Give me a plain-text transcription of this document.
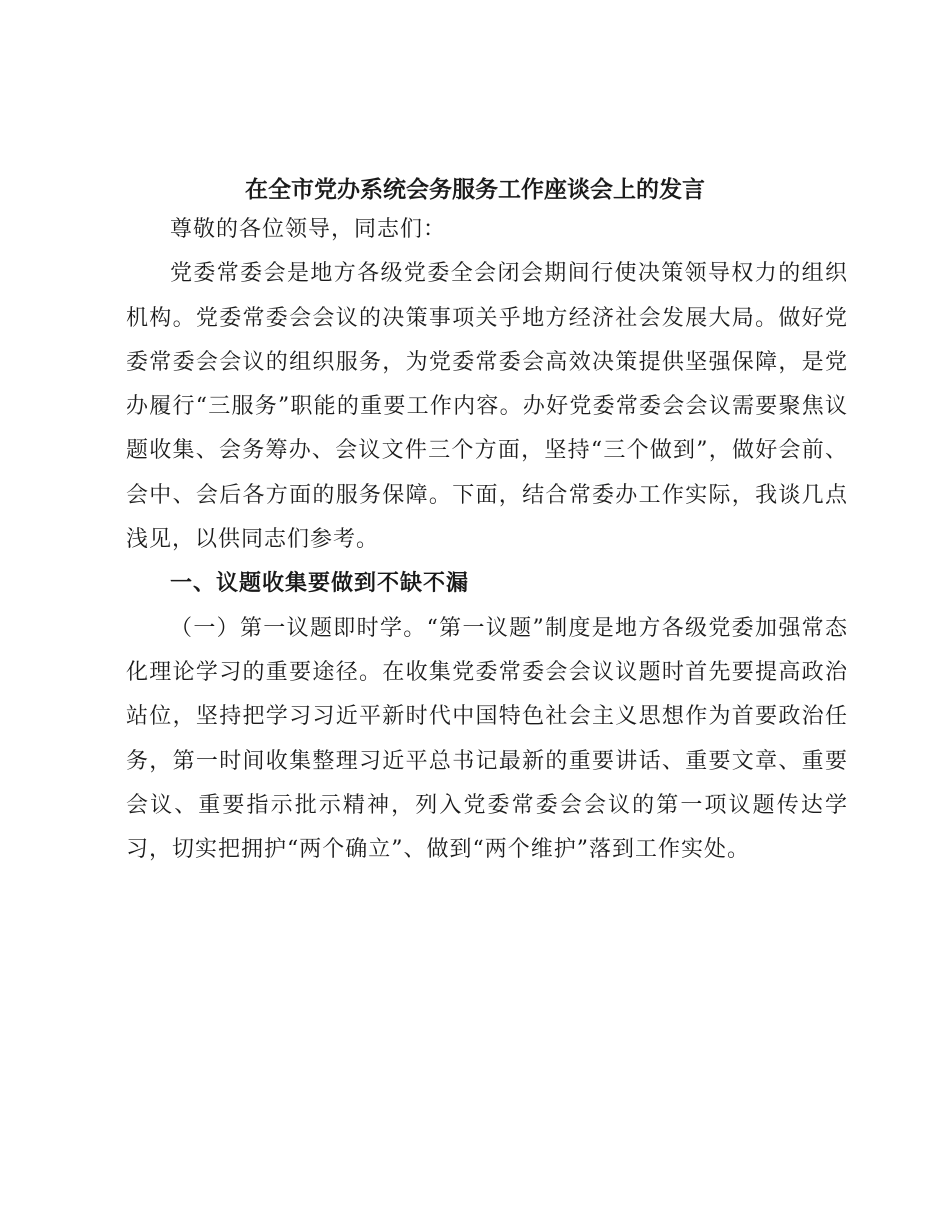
在全市党办系统会务服务工作座谈会上的发言

尊敬的各位领导，同志们：

党委常委会是地方各级党委全会闭会期间行使决策领导权力的组织机构。党委常委会会议的决策事项关乎地方经济社会发展大局。做好党委常委会会议的组织服务，为党委常委会高效决策提供坚强保障，是党办履行“三服务”职能的重要工作内容。办好党委常委会会议需要聚焦议题收集、会务筹办、会议文件三个方面，坚持“三个做到”，做好会前、会中、会后各方面的服务保障。下面，结合常委办工作实际，我谈几点浅见，以供同志们参考。

一、议题收集要做到不缺不漏

（一）第一议题即时学。“第一议题”制度是地方各级党委加强常态化理论学习的重要途径。在收集党委常委会会议议题时首先要提高政治站位，坚持把学习习近平新时代中国特色社会主义思想作为首要政治任务，第一时间收集整理习近平总书记最新的重要讲话、重要文章、重要会议、重要指示批示精神，列入党委常委会会议的第一项议题传达学习，切实把拥护“两个确立”、做到“两个维护”落到工作实处。
